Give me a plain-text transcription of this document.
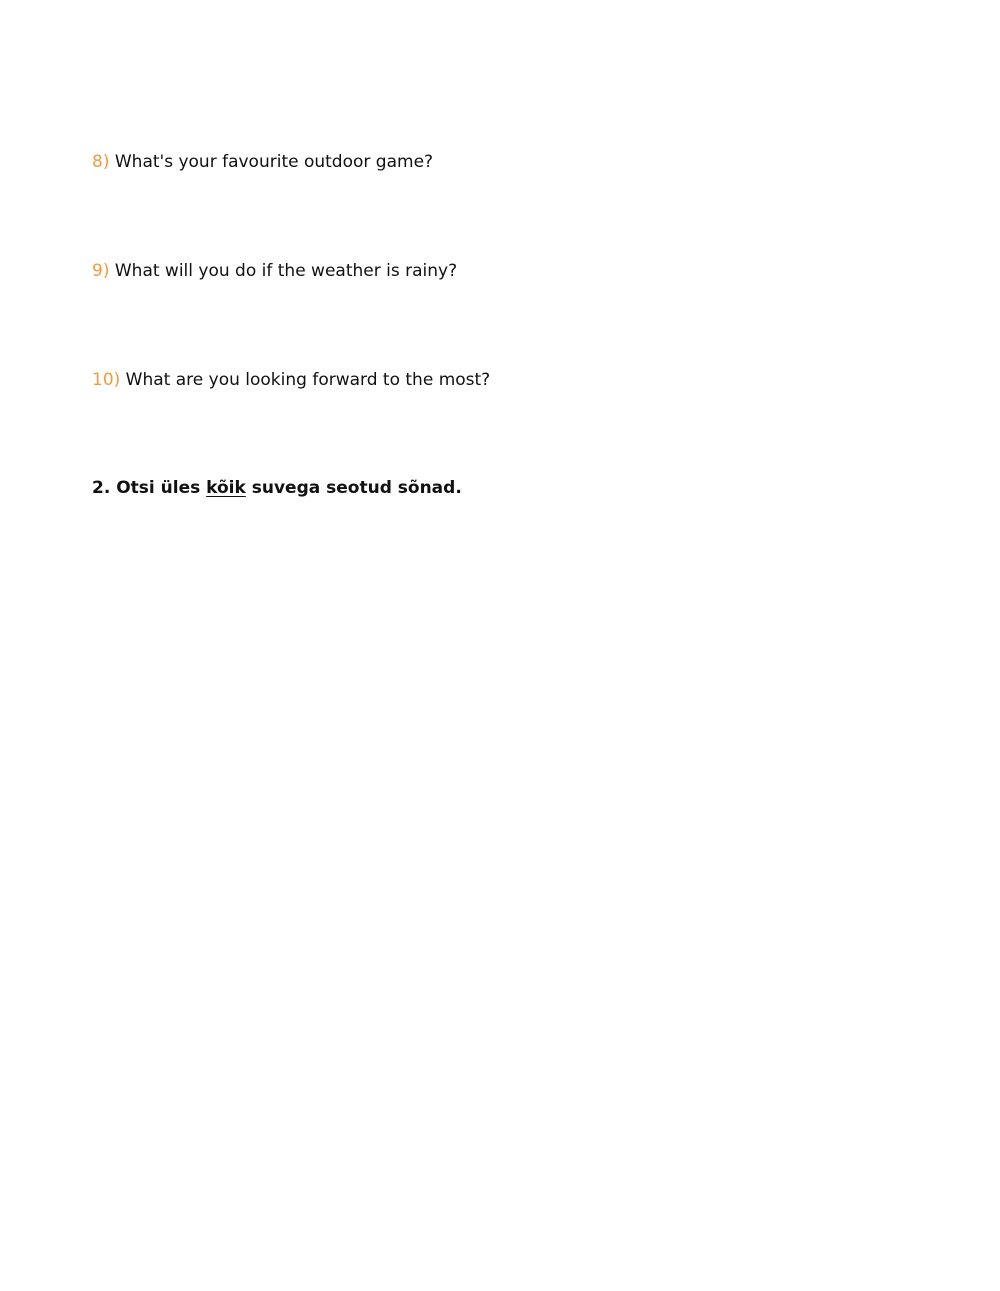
8) What's your favourite outdoor game?
9) What will you do if the weather is rainy?
10) What are you looking forward to the most?
2. Otsi üles kõik suvega seotud sõnad.
